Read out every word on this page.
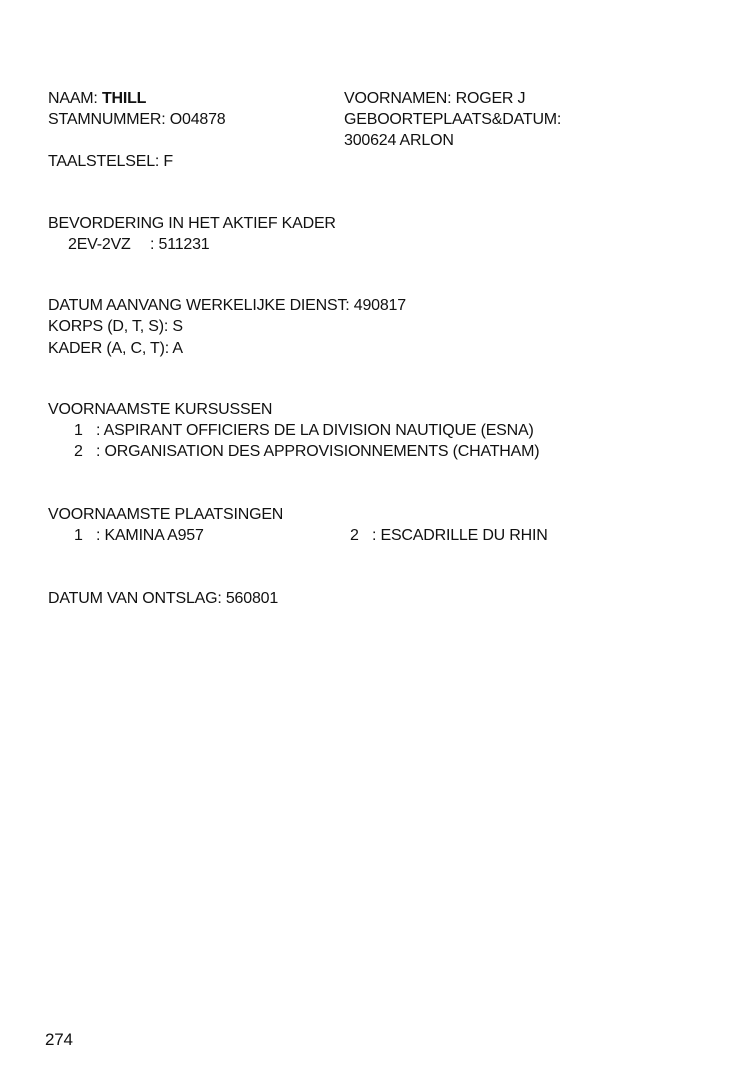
NAAM: THILL
STAMNUMMER: O04878
TAALSTELSEL: F
VOORNAMEN: ROGER J
GEBOORTEPLAATS&DATUM:
300624 ARLON
BEVORDERING IN HET AKTIEF KADER
2EV-2VZ : 511231
DATUM AANVANG WERKELIJKE DIENST: 490817
KORPS (D, T, S): S
KADER (A, C, T): A
VOORNAAMSTE KURSUSSEN
1 : ASPIRANT OFFICIERS DE LA DIVISION NAUTIQUE (ESNA)
2 : ORGANISATION DES APPROVISIONNEMENTS (CHATHAM)
VOORNAAMSTE PLAATSINGEN
1 : KAMINA A957	2 : ESCADRILLE DU RHIN
DATUM VAN ONTSLAG: 560801
274
